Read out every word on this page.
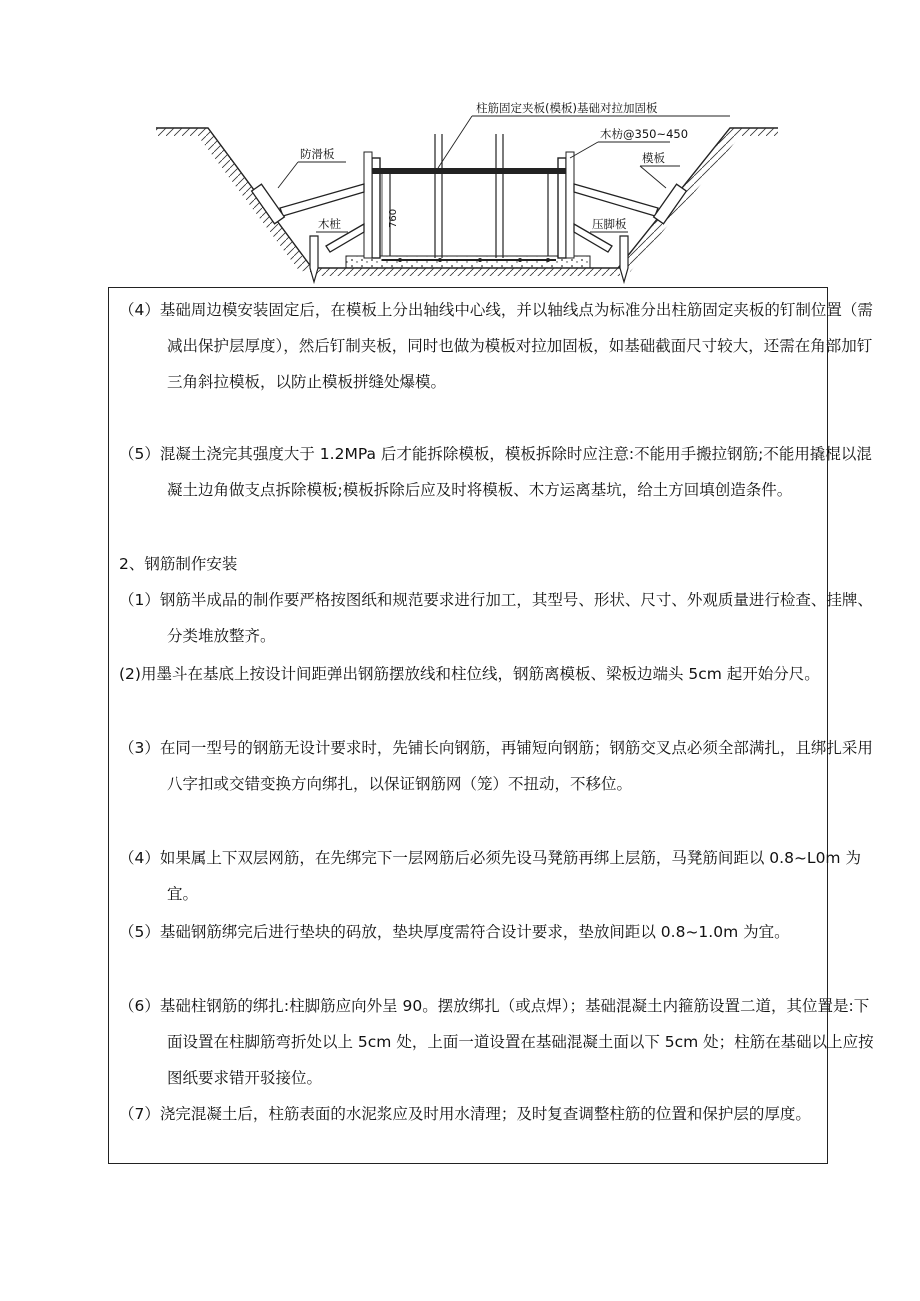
760
柱筋固定夹板(模板)基础对拉加固板
木枋@350~450
模板
防滑板
木桩	压脚板

（4）基础周边模安装固定后，在模板上分出轴线中心线，并以轴线点为标准分出柱筋固定夹板的钉制位置（需减出保护层厚度），然后钉制夹板，同时也做为模板对拉加固板，如基础截面尺寸较大，还需在角部加钉三角斜拉模板，以防止模板拼缝处爆模。

（5）混凝土浇完其强度大于 1.2MPa 后才能拆除模板，模板拆除时应注意:不能用手搬拉钢筋;不能用撬棍以混凝土边角做支点拆除模板;模板拆除后应及时将模板、木方运离基坑，给土方回填创造条件。

2、钢筋制作安装

（1）钢筋半成品的制作要严格按图纸和规范要求进行加工，其型号、形状、尺寸、外观质量进行检查、挂牌、分类堆放整齐。

(2)用墨斗在基底上按设计间距弹出钢筋摆放线和柱位线，钢筋离模板、梁板边端头 5cm 起开始分尺。

（3）在同一型号的钢筋无设计要求时，先铺长向钢筋，再铺短向钢筋；钢筋交叉点必须全部满扎，且绑扎采用八字扣或交错变换方向绑扎，以保证钢筋网（笼）不扭动，不移位。

（4）如果属上下双层网筋，在先绑完下一层网筋后必须先设马凳筋再绑上层筋，马凳筋间距以 0.8~L0m 为宜。

（5）基础钢筋绑完后进行垫块的码放，垫块厚度需符合设计要求，垫放间距以 0.8~1.0m 为宜。

（6）基础柱钢筋的绑扎:柱脚筋应向外呈 90。摆放绑扎（或点焊）；基础混凝土内箍筋设置二道，其位置是:下面设置在柱脚筋弯折处以上 5cm 处，上面一道设置在基础混凝土面以下 5cm 处；柱筋在基础以上应按图纸要求错开驳接位。

（7）浇完混凝土后，柱筋表面的水泥浆应及时用水清理；及时复查调整柱筋的位置和保护层的厚度。
